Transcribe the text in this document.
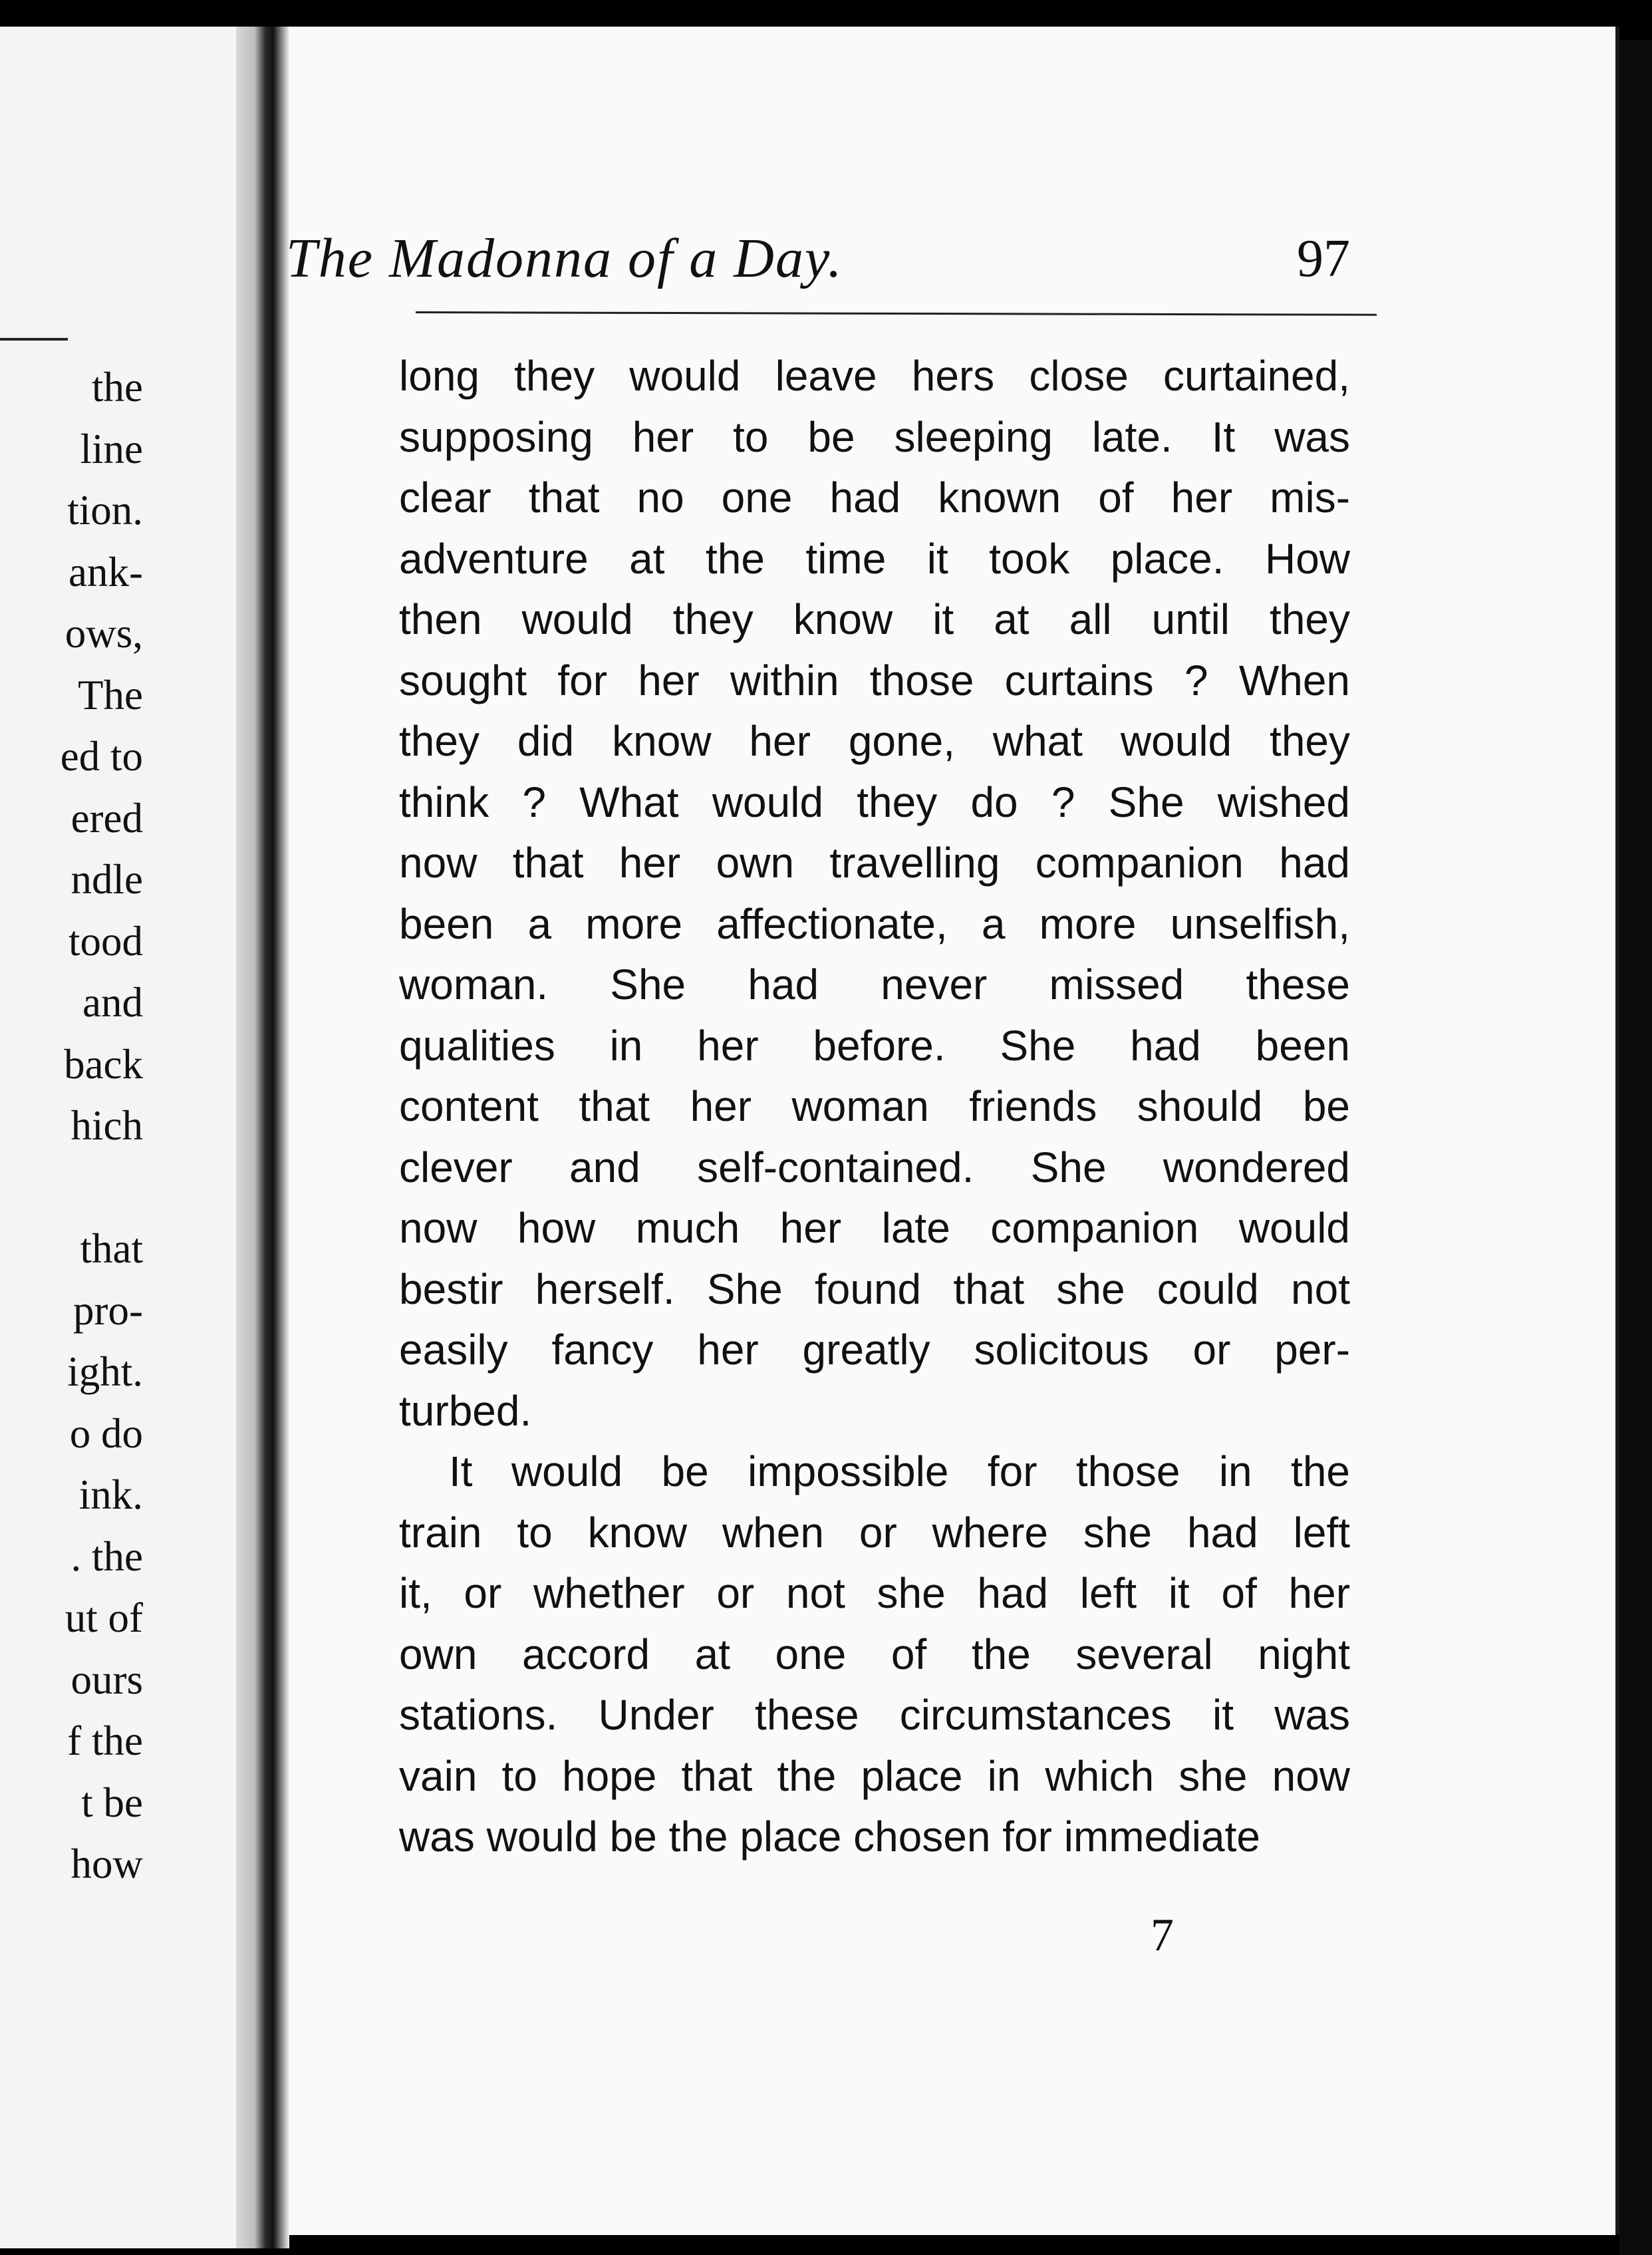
the
line
tion.
ank-
ows,
The
ed to
ered
ndle
tood
and
back
hich
that
pro-
ight.
o do
ink.
. the
ut of
ours
f the
t be
how
The Madonna of a Day.	97
long they would leave hers close curtained,
supposing her to be sleeping late. It was
clear that no one had known of her mis-
adventure at the time it took place. How
then would they know it at all until they
sought for her within those curtains ? When
they did know her gone, what would they
think ? What would they do ? She wished
now that her own travelling companion had
been a more affectionate, a more unselfish,
woman. She had never missed these
qualities in her before. She had been
content that her woman friends should be
clever and self-contained. She wondered
now how much her late companion would
bestir herself. She found that she could not
easily fancy her greatly solicitous or per-
turbed.
It would be impossible for those in the
train to know when or where she had left
it, or whether or not she had left it of her
own accord at one of the several night
stations. Under these circumstances it was
vain to hope that the place in which she now
was would be the place chosen for immediate
7
